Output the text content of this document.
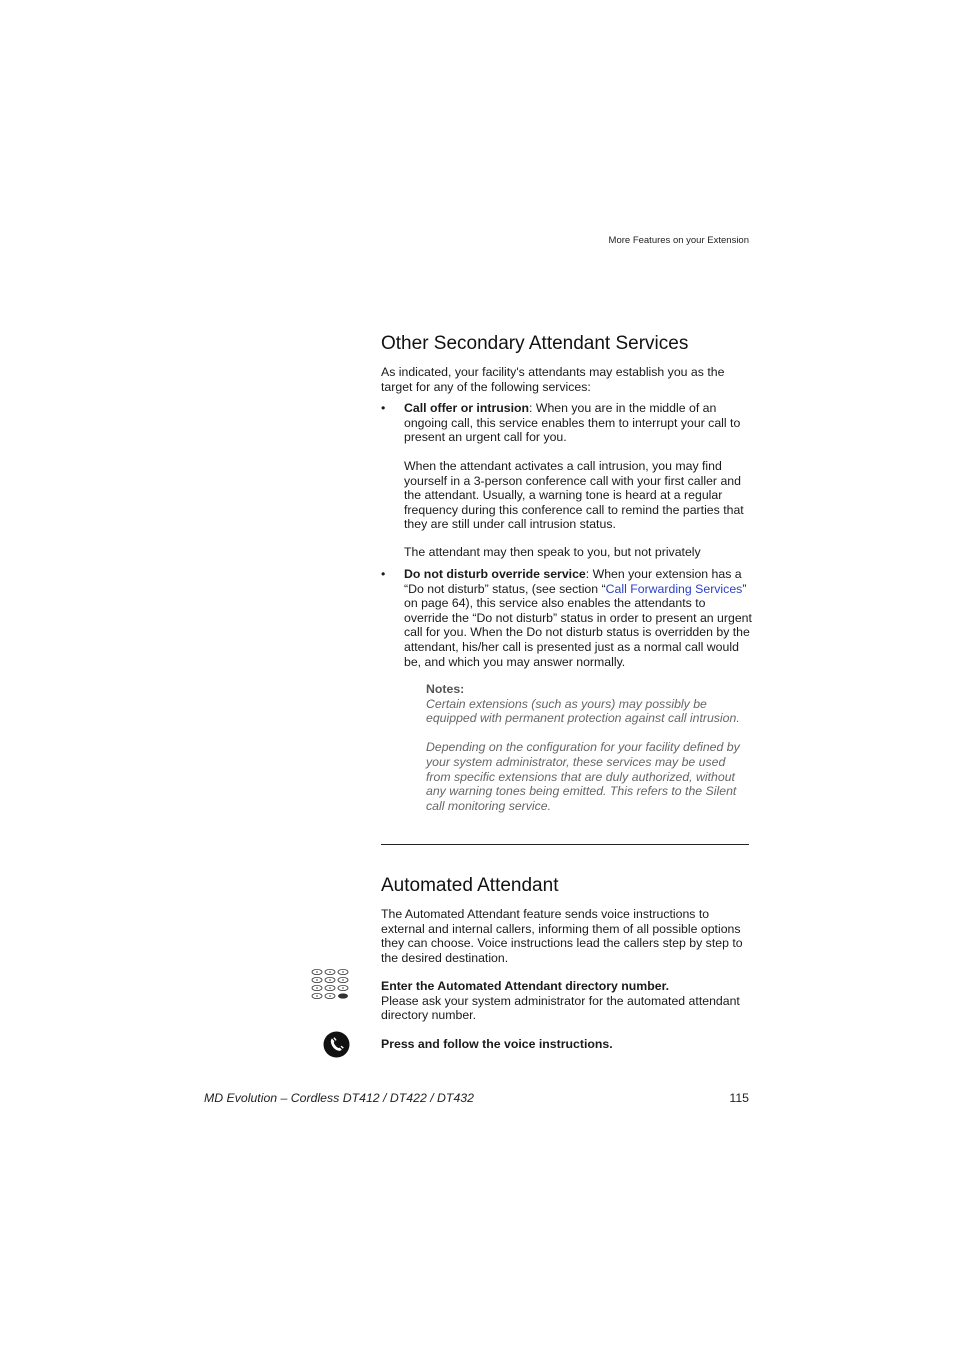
More Features on your Extension
Other Secondary Attendant Services

As indicated, your facility's attendants may establish you as the target for any of the following services:

• Call offer or intrusion: When you are in the middle of an ongoing call, this service enables them to interrupt your call to present an urgent call for you.

When the attendant activates a call intrusion, you may find yourself in a 3-person conference call with your first caller and the attendant. Usually, a warning tone is heard at a regular frequency during this conference call to remind the parties that they are still under call intrusion status.

The attendant may then speak to you, but not privately

• Do not disturb override service: When your extension has a “Do not disturb” status, (see section “Call Forwarding Services” on page 64), this service also enables the attendants to override the “Do not disturb” status in order to present an urgent call for you. When the Do not disturb status is overridden by the attendant, his/her call is presented just as a normal call would be, and which you may answer normally.

Notes:
Certain extensions (such as yours) may possibly be equipped with permanent protection against call intrusion.
Depending on the configuration for your facility defined by your system administrator, these services may be used from specific extensions that are duly authorized, without any warning tones being emitted. This refers to the Silent call monitoring service.
Automated Attendant

The Automated Attendant feature sends voice instructions to external and internal callers, informing them of all possible options they can choose. Voice instructions lead the callers step by step to the desired destination.

Enter the Automated Attendant directory number.
Please ask your system administrator for the automated attendant directory number.

Press and follow the voice instructions.

MD Evolution – Cordless DT412 / DT422 / DT432	115
